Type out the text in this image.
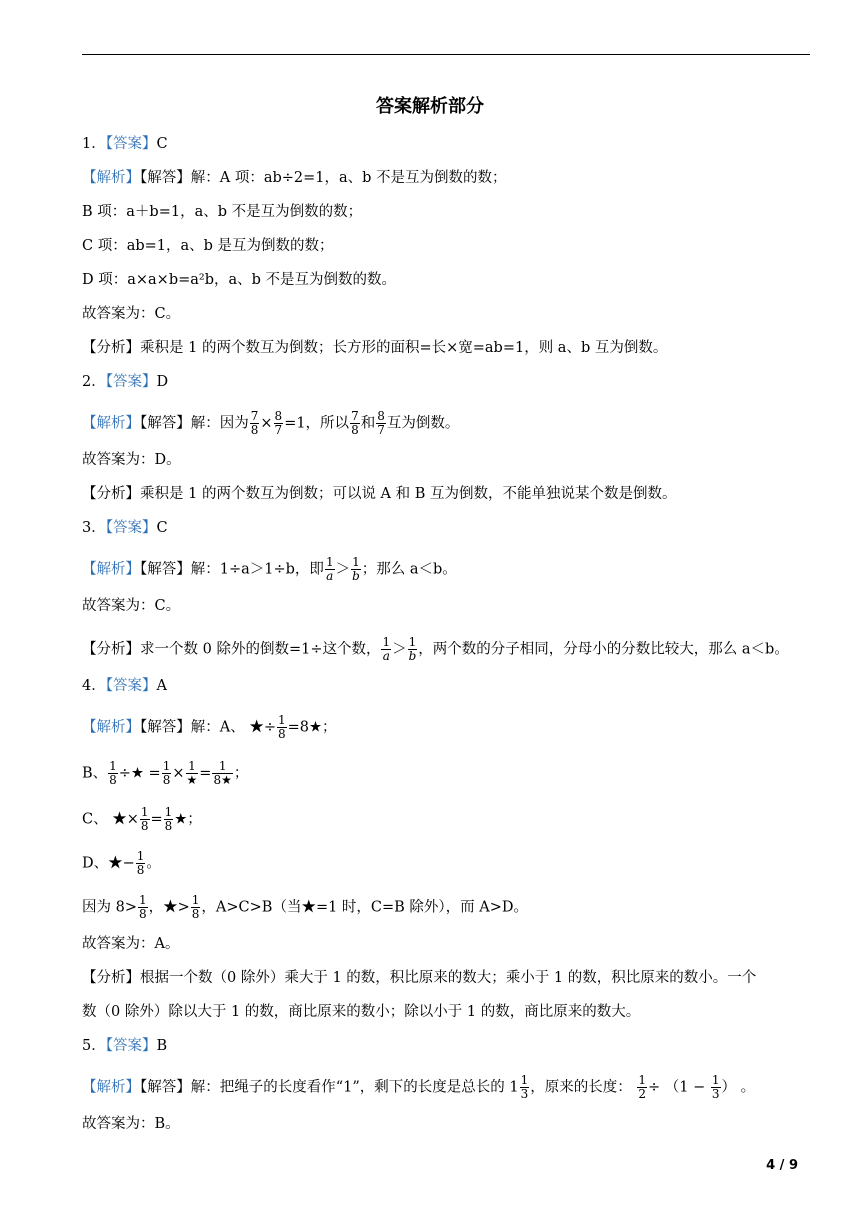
答案解析部分
1．【答案】C
【解析】【解答】解：A 项：ab÷2=1，a、b 不是互为倒数的数；
B 项：a＋b=1，a、b 不是互为倒数的数；
C 项：ab=1，a、b 是互为倒数的数；
D 项：a×a×b=a²b，a、b 不是互为倒数的数。
故答案为：C。
【分析】乘积是 1 的两个数互为倒数；长方形的面积=长×宽=ab=1，则 a、b 互为倒数。
2．【答案】D
【解析】【解答】解：因为 $\frac{7}{8} \times \frac{8}{7} =1$，所以 $\frac{7}{8}$ 和 $\frac{8}{7}$ 互为倒数。
故答案为：D。
【分析】乘积是 1 的两个数互为倒数；可以说 A 和 B 互为倒数，不能单独说某个数是倒数。
3．【答案】C
【解析】【解答】解：1÷a＞1÷b，即 $\frac{1}{a} > \frac{1}{b}$ ；那么 a＜b。
故答案为：C。
【分析】求一个数 0 除外的倒数=1÷这个数， $\frac{1}{a} > \frac{1}{b}$ ，两个数的分子相同，分母小的分数比较大，那么 a＜b。
4．【答案】A
【解析】【解答】解：A、 ★÷ $\frac{1}{8}$ =8★；
B、 $\frac{1}{8}$ ÷★ = $\frac{1}{8} \times \frac{1}{★} = \frac{1}{8★}$ ；
C、 ★× $\frac{1}{8} = \frac{1}{8}$ ★；
D、★− $\frac{1}{8}$ 。
因为 $8> \frac{1}{8}$ ，★> $\frac{1}{8}$ ，A>C>B（当★=1 时，C=B 除外），而 A>D。
故答案为：A。
【分析】根据一个数（0 除外）乘大于 1 的数，积比原来的数大；乘小于 1 的数，积比原来的数小。一个
数（0 除外）除以大于 1 的数，商比原来的数小；除以小于 1 的数，商比原来的数大。
5．【答案】B
【解析】【解答】解：把绳子的长度看作“1”，剩下的长度是总长的 $1 \frac{1}{3}$ ，原来的长度： $\frac{1}{2} \div (1 - \frac{1}{3}$ ） 。
故答案为：B。
4 / 9
